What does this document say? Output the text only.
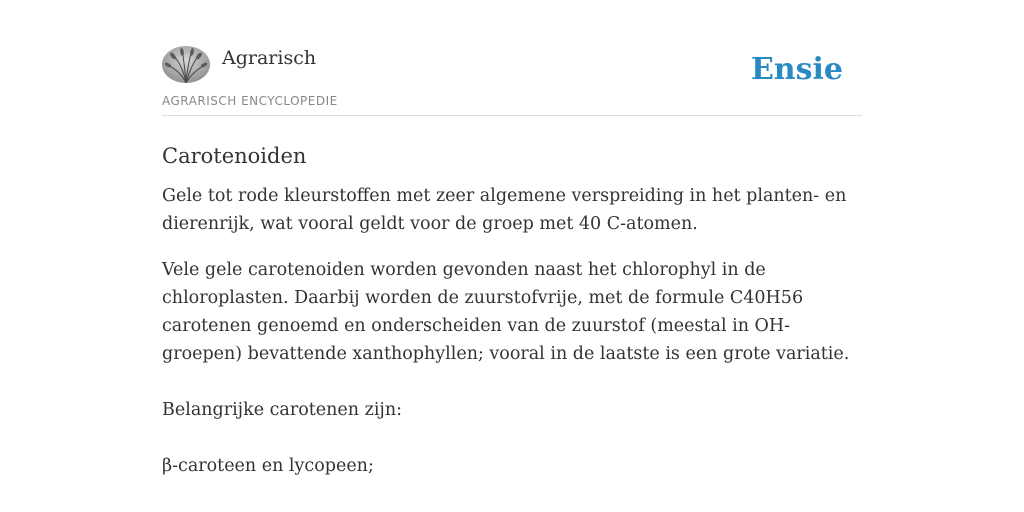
Agrarisch
AGRARISCH ENCYCLOPEDIE
Ensie
Carotenoiden

Gele tot rode kleurstoffen met zeer algemene verspreiding in het planten- en dierenrijk, wat vooral geldt voor de groep met 40 C-atomen.

Vele gele carotenoiden worden gevonden naast het chlorophyl in de chloroplasten. Daarbij worden de zuurstofvrije, met de formule C40H56 carotenen genoemd en onderscheiden van de zuurstof (meestal in OH-groepen) bevattende xanthophyllen; vooral in de laatste is een grote variatie.

Belangrijke carotenen zijn:

β-caroteen en lycopeen;
